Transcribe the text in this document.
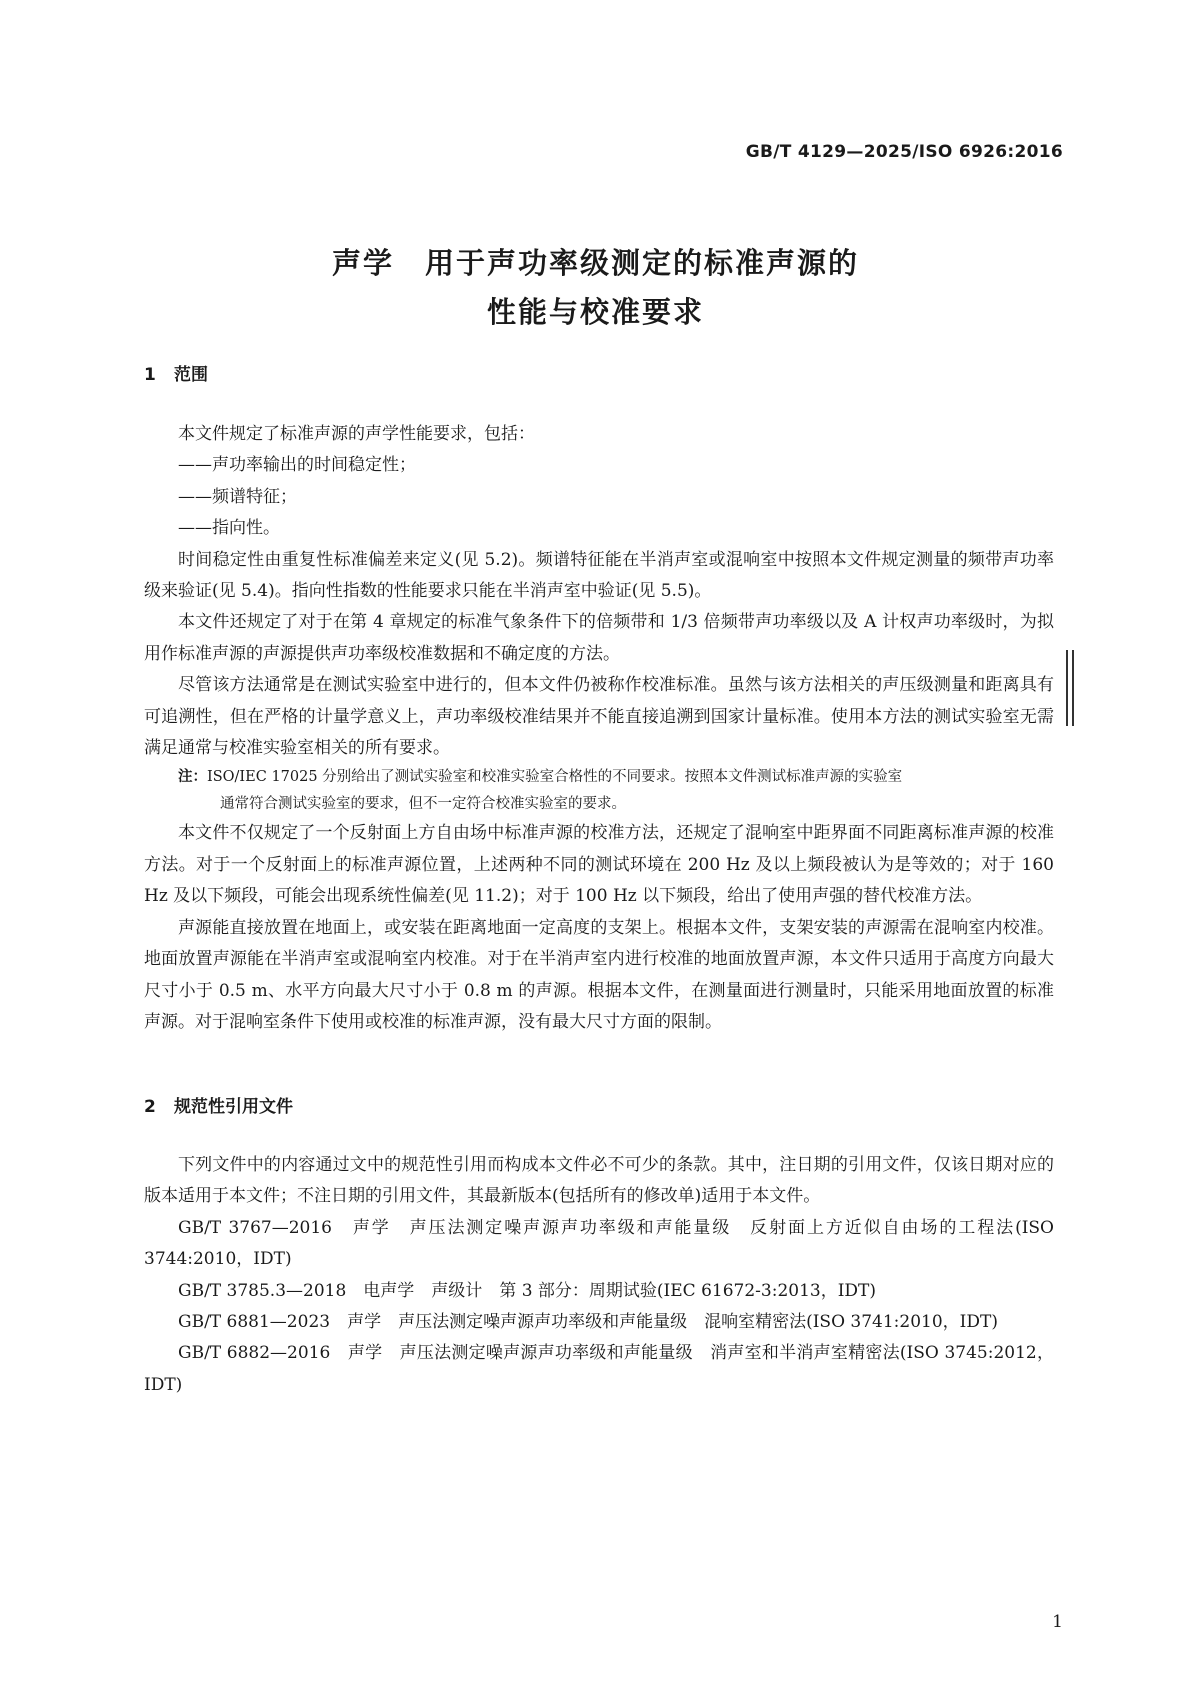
GB/T 4129—2025/ISO 6926:2016
声学　用于声功率级测定的标准声源的
性能与校准要求
1 范围

本文件规定了标准声源的声学性能要求，包括：

——声功率输出的时间稳定性；

——频谱特征；

——指向性。

时间稳定性由重复性标准偏差来定义(见 5.2)。频谱特征能在半消声室或混响室中按照本文件规定测量的频带声功率级来验证(见 5.4)。指向性指数的性能要求只能在半消声室中验证(见 5.5)。

本文件还规定了对于在第 4 章规定的标准气象条件下的倍频带和 1/3 倍频带声功率级以及 A 计权声功率级时，为拟用作标准声源的声源提供声功率级校准数据和不确定度的方法。

尽管该方法通常是在测试实验室中进行的，但本文件仍被称作校准标准。虽然与该方法相关的声压级测量和距离具有可追溯性，但在严格的计量学意义上，声功率级校准结果并不能直接追溯到国家计量标准。使用本方法的测试实验室无需满足通常与校准实验室相关的所有要求。

注：ISO/IEC 17025 分别给出了测试实验室和校准实验室合格性的不同要求。按照本文件测试标准声源的实验室
通常符合测试实验室的要求，但不一定符合校准实验室的要求。

本文件不仅规定了一个反射面上方自由场中标准声源的校准方法，还规定了混响室中距界面不同距离标准声源的校准方法。对于一个反射面上的标准声源位置，上述两种不同的测试环境在 200 Hz 及以上频段被认为是等效的；对于 160 Hz 及以下频段，可能会出现系统性偏差(见 11.2)；对于 100 Hz 以下频段，给出了使用声强的替代校准方法。

声源能直接放置在地面上，或安装在距离地面一定高度的支架上。根据本文件，支架安装的声源需在混响室内校准。地面放置声源能在半消声室或混响室内校准。对于在半消声室内进行校准的地面放置声源，本文件只适用于高度方向最大尺寸小于 0.5 m、水平方向最大尺寸小于 0.8 m 的声源。根据本文件，在测量面进行测量时，只能采用地面放置的标准声源。对于混响室条件下使用或校准的标准声源，没有最大尺寸方面的限制。

2 规范性引用文件

下列文件中的内容通过文中的规范性引用而构成本文件必不可少的条款。其中，注日期的引用文件，仅该日期对应的版本适用于本文件；不注日期的引用文件，其最新版本(包括所有的修改单)适用于本文件。

GB/T 3767—2016　声学　声压法测定噪声源声功率级和声能量级　反射面上方近似自由场的工程法(ISO 3744:2010，IDT)

GB/T 3785.3—2018　电声学　声级计　第 3 部分：周期试验(IEC 61672-3:2013，IDT)

GB/T 6881—2023　声学　声压法测定噪声源声功率级和声能量级　混响室精密法(ISO 3741:2010，IDT)

GB/T 6882—2016　声学　声压法测定噪声源声功率级和声能量级　消声室和半消声室精密法(ISO 3745:2012，IDT)

1
